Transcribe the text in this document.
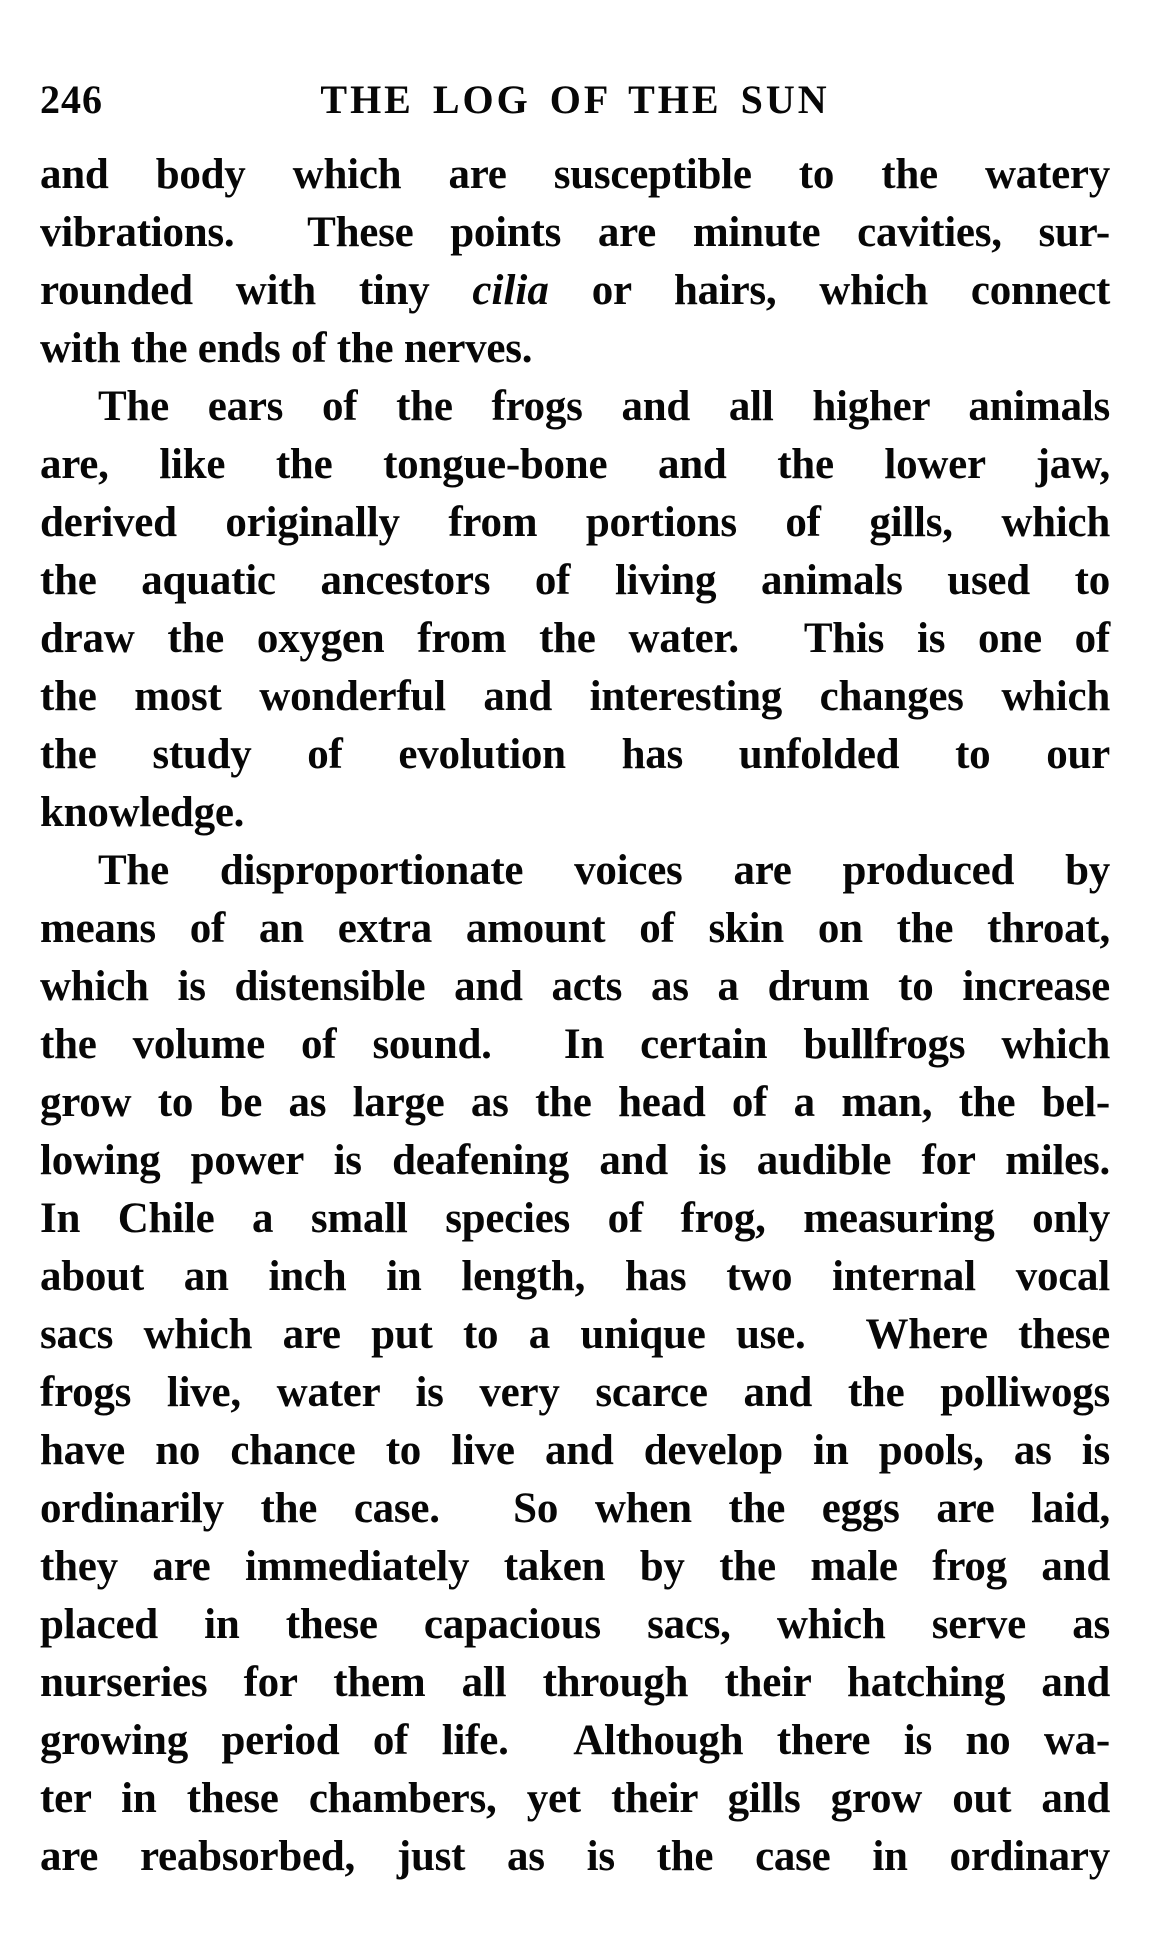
246	THE LOG OF THE SUN
and body which are susceptible to the watery
vibrations.  These points are minute cavities, sur-
rounded with tiny cilia or hairs, which connect
with the ends of the nerves.
The ears of the frogs and all higher animals
are, like the tongue-bone and the lower jaw,
derived originally from portions of gills, which
the aquatic ancestors of living animals used to
draw the oxygen from the water.  This is one of
the most wonderful and interesting changes which
the study of evolution has unfolded to our
knowledge.
The disproportionate voices are produced by
means of an extra amount of skin on the throat,
which is distensible and acts as a drum to increase
the volume of sound.  In certain bullfrogs which
grow to be as large as the head of a man, the bel-
lowing power is deafening and is audible for miles.
In Chile a small species of frog, measuring only
about an inch in length, has two internal vocal
sacs which are put to a unique use.  Where these
frogs live, water is very scarce and the polliwogs
have no chance to live and develop in pools, as is
ordinarily the case.  So when the eggs are laid,
they are immediately taken by the male frog and
placed in these capacious sacs, which serve as
nurseries for them all through their hatching and
growing period of life.  Although there is no wa-
ter in these chambers, yet their gills grow out and
are reabsorbed, just as is the case in ordinary
